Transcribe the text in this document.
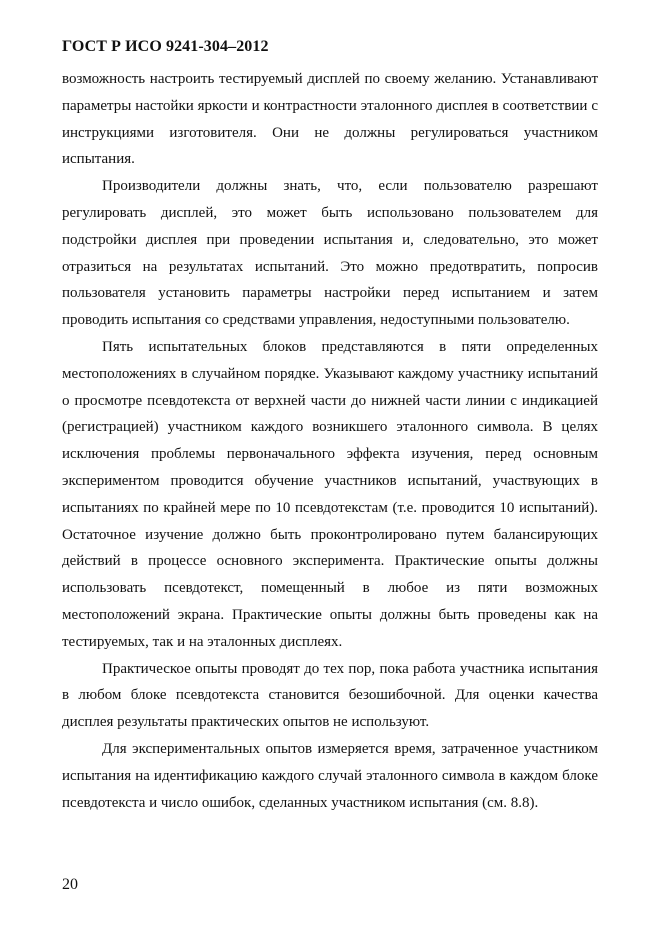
ГОСТ Р ИСО 9241-304–2012

возможность настроить тестируемый дисплей по своему желанию. Устанавливают параметры настойки яркости и контрастности эталонного дисплея в соответствии с инструкциями изготовителя. Они не должны регулироваться участником испытания.

Производители должны знать, что, если пользователю разрешают регулировать дисплей, это может быть использовано пользователем для подстройки дисплея при проведении испытания и, следовательно, это может отразиться на результатах испытаний. Это можно предотвратить, попросив пользователя установить параметры настройки перед испытанием и затем проводить испытания со средствами управления, недоступными пользователю.

Пять испытательных блоков представляются в пяти определенных местоположениях в случайном порядке. Указывают каждому участнику испытаний о просмотре псевдотекста от верхней части до нижней части линии с индикацией (регистрацией) участником каждого возникшего эталонного символа. В целях исключения проблемы первоначального эффекта изучения, перед основным экспериментом проводится обучение участников испытаний, участвующих в испытаниях по крайней мере по 10 псевдотекстам (т.е. проводится 10 испытаний). Остаточное изучение должно быть проконтролировано путем балансирующих действий в процессе основного эксперимента. Практические опыты должны использовать псевдотекст, помещенный в любое из пяти возможных местоположений экрана. Практические опыты должны быть проведены как на тестируемых, так и на эталонных дисплеях.

Практическое опыты проводят до тех пор, пока работа участника испытания в любом блоке псевдотекста становится безошибочной. Для оценки качества дисплея результаты практических опытов не используют.

Для экспериментальных опытов измеряется время, затраченное участником испытания на идентификацию каждого случай эталонного символа в каждом блоке псевдотекста и число ошибок, сделанных участником испытания (см. 8.8).

20
